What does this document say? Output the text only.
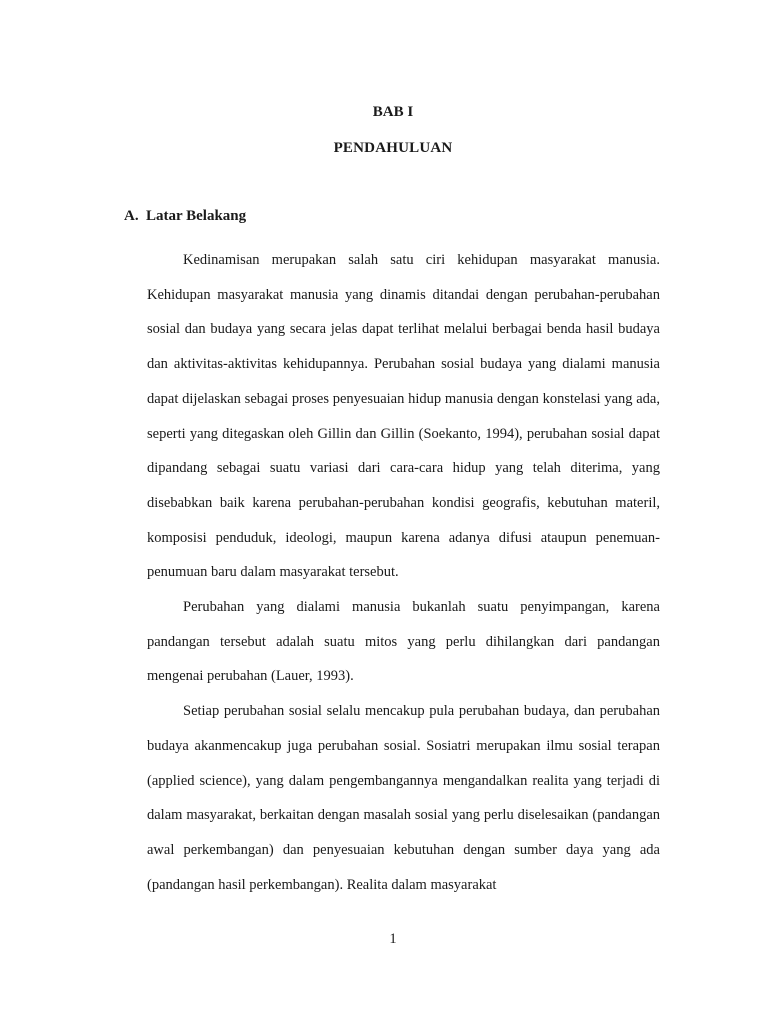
BAB I
PENDAHULUAN
A. Latar Belakang

Kedinamisan merupakan salah satu ciri kehidupan masyarakat manusia. Kehidupan masyarakat manusia yang dinamis ditandai dengan perubahan-perubahan sosial dan budaya yang secara jelas dapat terlihat melalui berbagai benda hasil budaya dan aktivitas-aktivitas kehidupannya. Perubahan sosial budaya yang dialami manusia dapat dijelaskan sebagai proses penyesuaian hidup manusia dengan konstelasi yang ada, seperti yang ditegaskan oleh Gillin dan Gillin (Soekanto, 1994), perubahan sosial dapat dipandang sebagai suatu variasi dari cara-cara hidup yang telah diterima, yang disebabkan baik karena perubahan-perubahan kondisi geografis, kebutuhan materil, komposisi penduduk, ideologi, maupun karena adanya difusi ataupun penemuan-penumuan baru dalam masyarakat tersebut.

Perubahan yang dialami manusia bukanlah suatu penyimpangan, karena pandangan tersebut adalah suatu mitos yang perlu dihilangkan dari pandangan mengenai perubahan (Lauer, 1993).

Setiap perubahan sosial selalu mencakup pula perubahan budaya, dan perubahan budaya akanmencakup juga perubahan sosial. Sosiatri merupakan ilmu sosial terapan (applied science), yang dalam pengembangannya mengandalkan realita yang terjadi di dalam masyarakat, berkaitan dengan masalah sosial yang perlu diselesaikan (pandangan awal perkembangan) dan penyesuaian kebutuhan dengan sumber daya yang ada (pandangan hasil perkembangan). Realita dalam masyarakat

1
